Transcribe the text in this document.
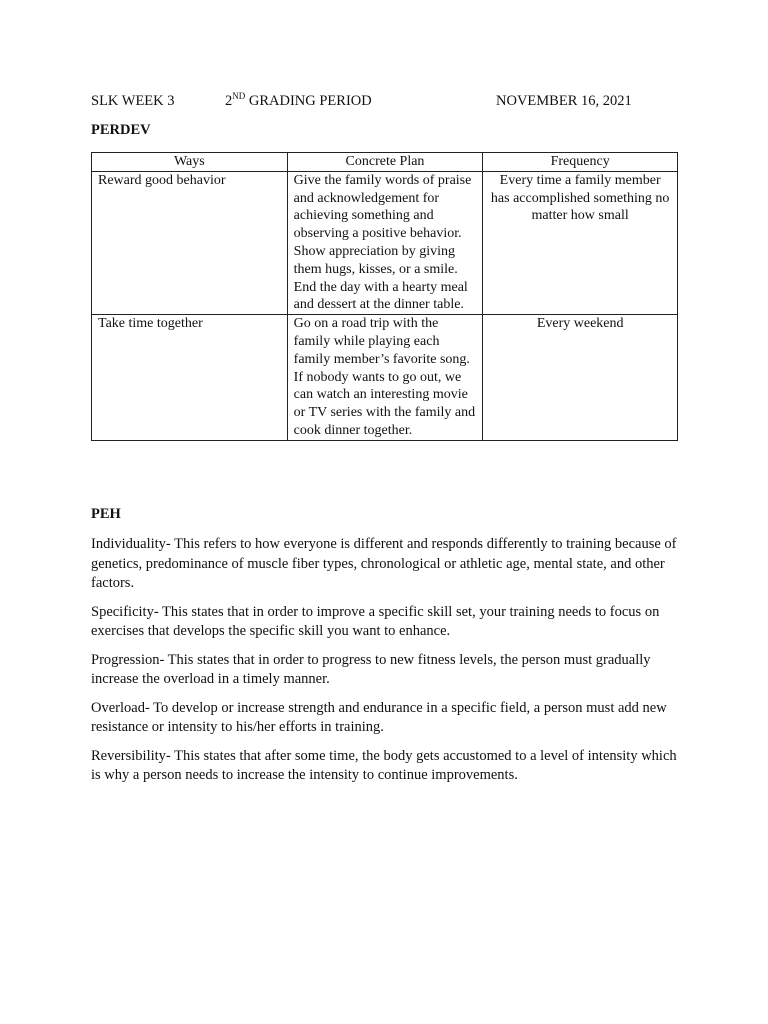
SLK WEEK 3	2ND GRADING PERIOD	NOVEMBER 16, 2021
PERDEV
Ways	Concrete Plan	Frequency
Reward good behavior	Give the family words of praise and acknowledgement for achieving something and observing a positive behavior. Show appreciation by giving them hugs, kisses, or a smile. End the day with a hearty meal and dessert at the dinner table.	Every time a family member has accomplished something no matter how small
Take time together	Go on a road trip with the family while playing each family member’s favorite song. If nobody wants to go out, we can watch an interesting movie or TV series with the family and cook dinner together.	Every weekend
PEH

Individuality- This refers to how everyone is different and responds differently to training because of genetics, predominance of muscle fiber types, chronological or athletic age, mental state, and other factors.

Specificity- This states that in order to improve a specific skill set, your training needs to focus on exercises that develops the specific skill you want to enhance.

Progression- This states that in order to progress to new fitness levels, the person must gradually increase the overload in a timely manner.

Overload- To develop or increase strength and endurance in a specific field, a person must add new resistance or intensity to his/her efforts in training.

Reversibility- This states that after some time, the body gets accustomed to a level of intensity which is why a person needs to increase the intensity to continue improvements.
